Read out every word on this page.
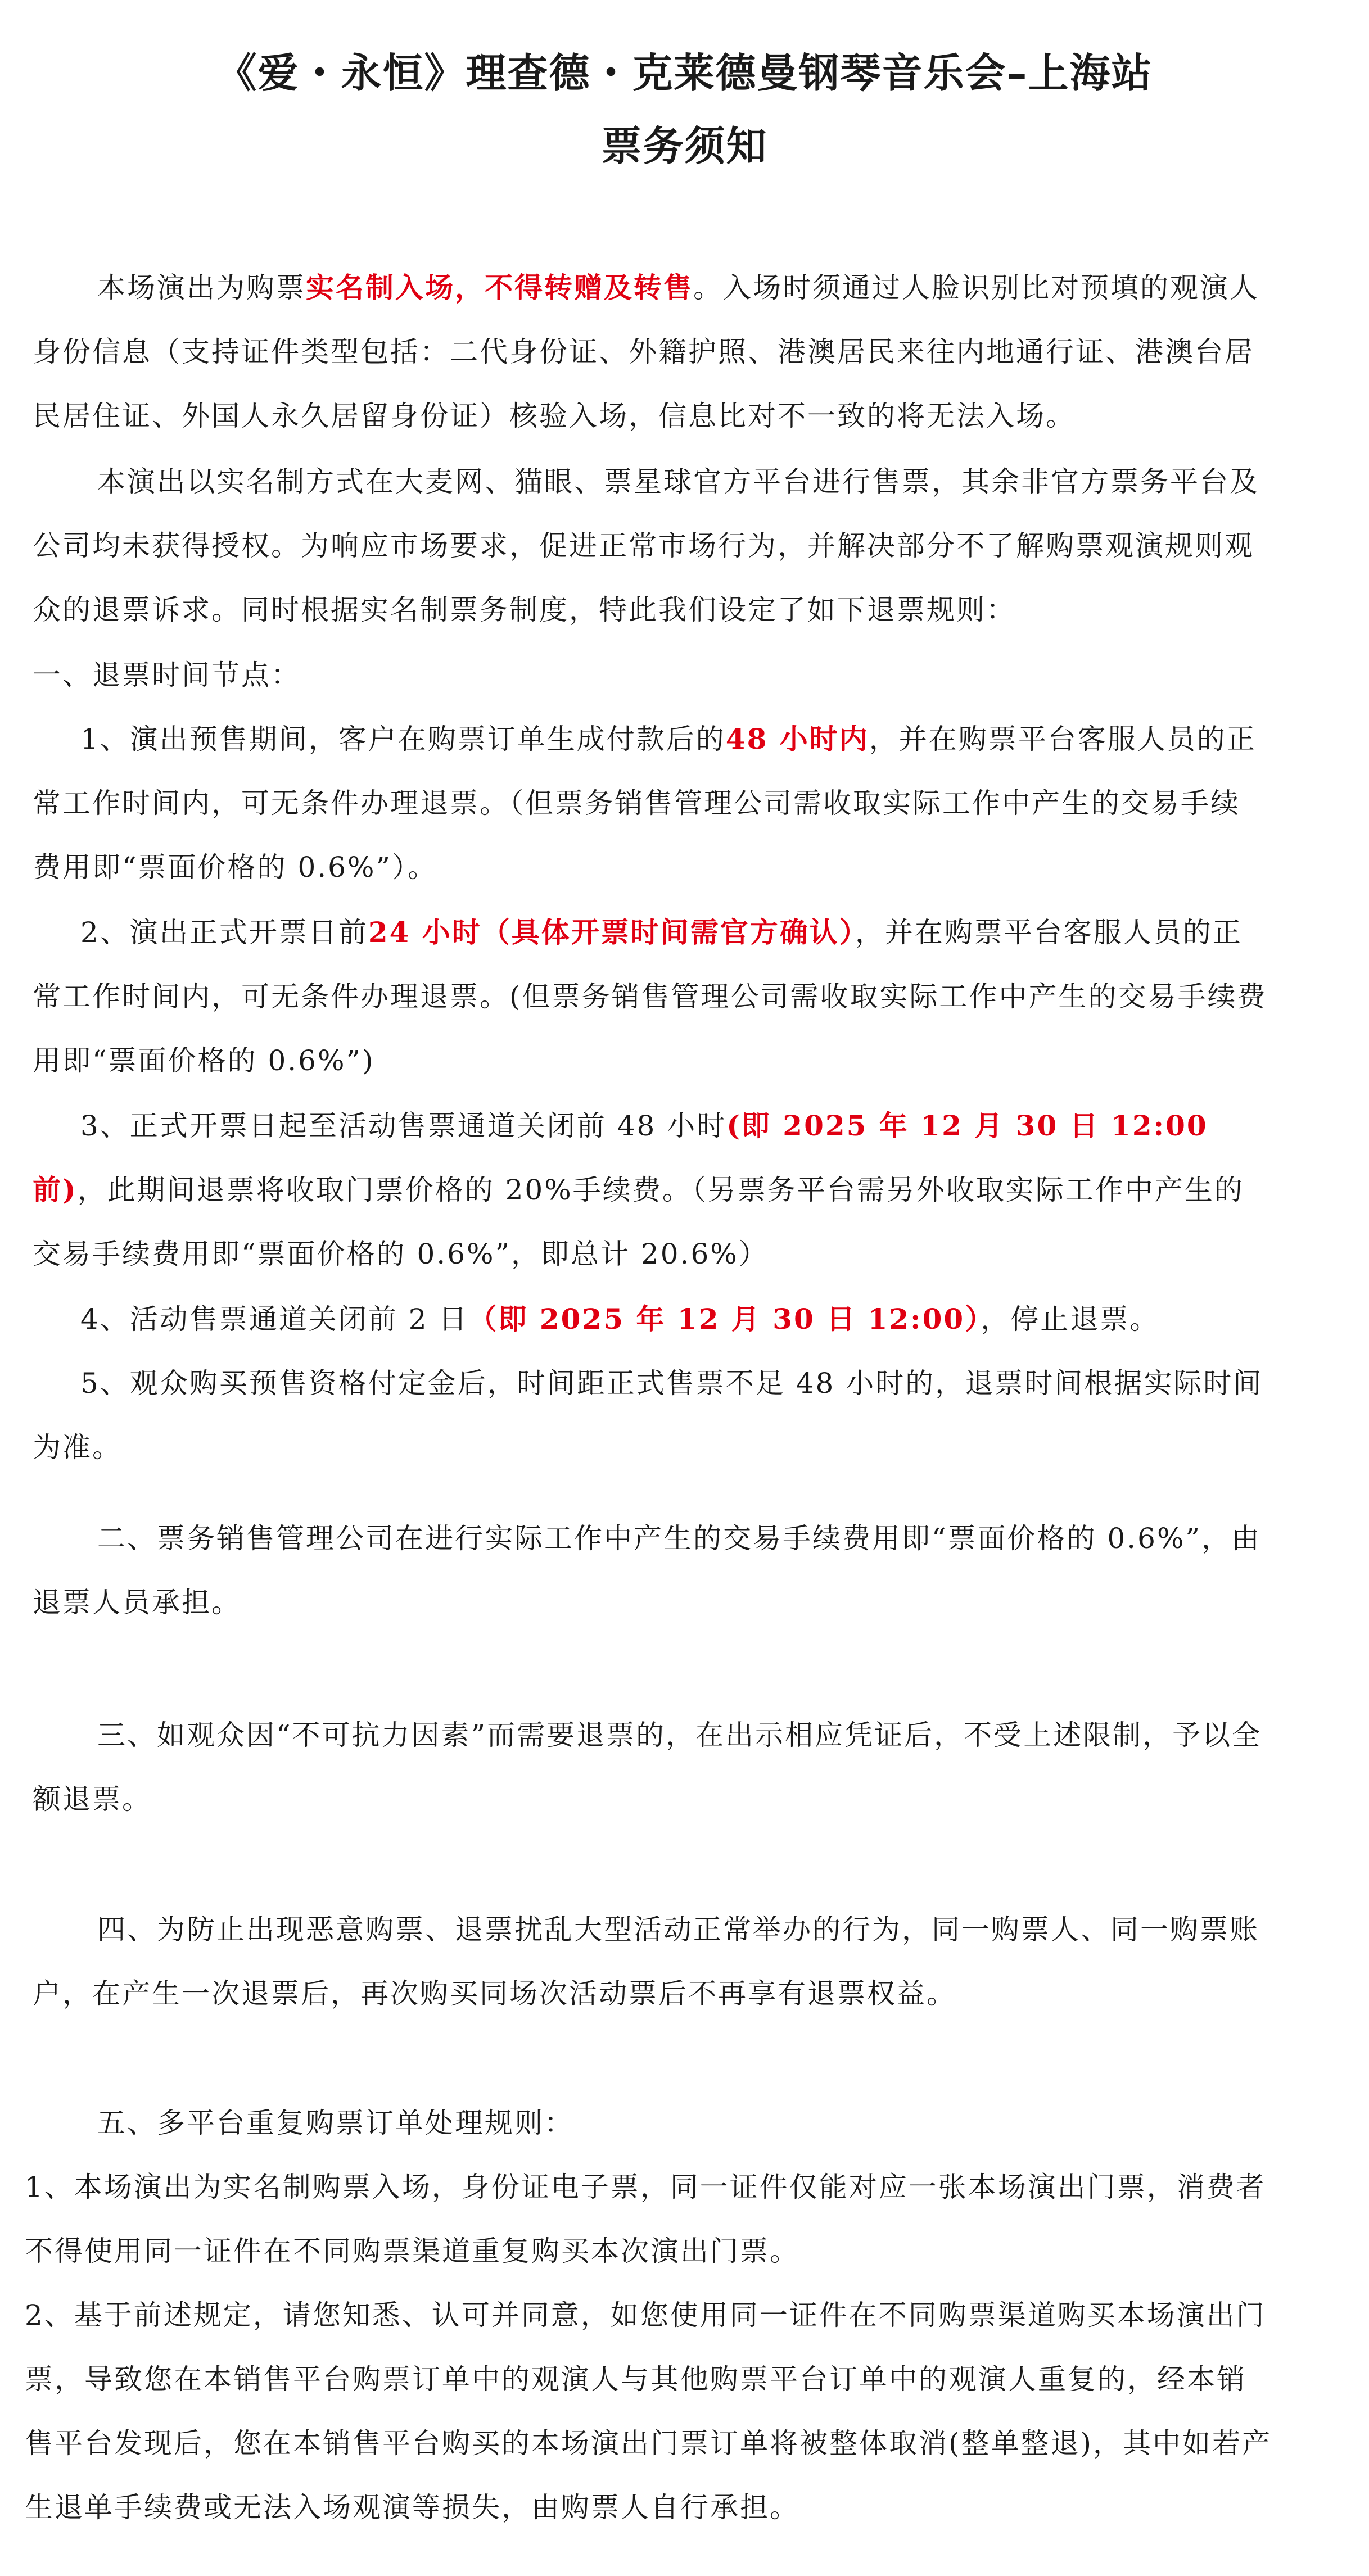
《爱・永恒》理查德・克莱德曼钢琴音乐会–上海站
票务须知

本场演出为购票实名制入场，不得转赠及转售。入场时须通过人脸识别比对预填的观演人身份信息（支持证件类型包括：二代身份证、外籍护照、港澳居民来往内地通行证、港澳台居民居住证、外国人永久居留身份证）核验入场，信息比对不一致的将无法入场。

本演出以实名制方式在大麦网、猫眼、票星球官方平台进行售票，其余非官方票务平台及公司均未获得授权。为响应市场要求，促进正常市场行为，并解决部分不了解购票观演规则观众的退票诉求。同时根据实名制票务制度，特此我们设定了如下退票规则：

一、退票时间节点：

1、演出预售期间，客户在购票订单生成付款后的48 小时内，并在购票平台客服人员的正常工作时间内，可无条件办理退票。（但票务销售管理公司需收取实际工作中产生的交易手续费用即“票面价格的 0.6%”）。

2、演出正式开票日前24 小时（具体开票时间需官方确认），并在购票平台客服人员的正常工作时间内，可无条件办理退票。(但票务销售管理公司需收取实际工作中产生的交易手续费用即“票面价格的 0.6%”)

3、正式开票日起至活动售票通道关闭前 48 小时(即 2025 年 12 月 30 日 12:00 前)，此期间退票将收取门票价格的 20%手续费。（另票务平台需另外收取实际工作中产生的交易手续费用即“票面价格的 0.6%”，即总计 20.6%）

4、活动售票通道关闭前 2 日（即 2025 年 12 月 30 日 12:00），停止退票。

5、观众购买预售资格付定金后，时间距正式售票不足 48 小时的，退票时间根据实际时间为准。

二、票务销售管理公司在进行实际工作中产生的交易手续费用即“票面价格的 0.6%”，由退票人员承担。

三、如观众因“不可抗力因素”而需要退票的，在出示相应凭证后，不受上述限制，予以全额退票。

四、为防止出现恶意购票、退票扰乱大型活动正常举办的行为，同一购票人、同一购票账户，在产生一次退票后，再次购买同场次活动票后不再享有退票权益。

五、多平台重复购票订单处理规则：

1、本场演出为实名制购票入场，身份证电子票，同一证件仅能对应一张本场演出门票，消费者不得使用同一证件在不同购票渠道重复购买本次演出门票。

2、基于前述规定，请您知悉、认可并同意，如您使用同一证件在不同购票渠道购买本场演出门票，导致您在本销售平台购票订单中的观演人与其他购票平台订单中的观演人重复的，经本销售平台发现后，您在本销售平台购买的本场演出门票订单将被整体取消(整单整退)，其中如若产生退单手续费或无法入场观演等损失，由购票人自行承担。
